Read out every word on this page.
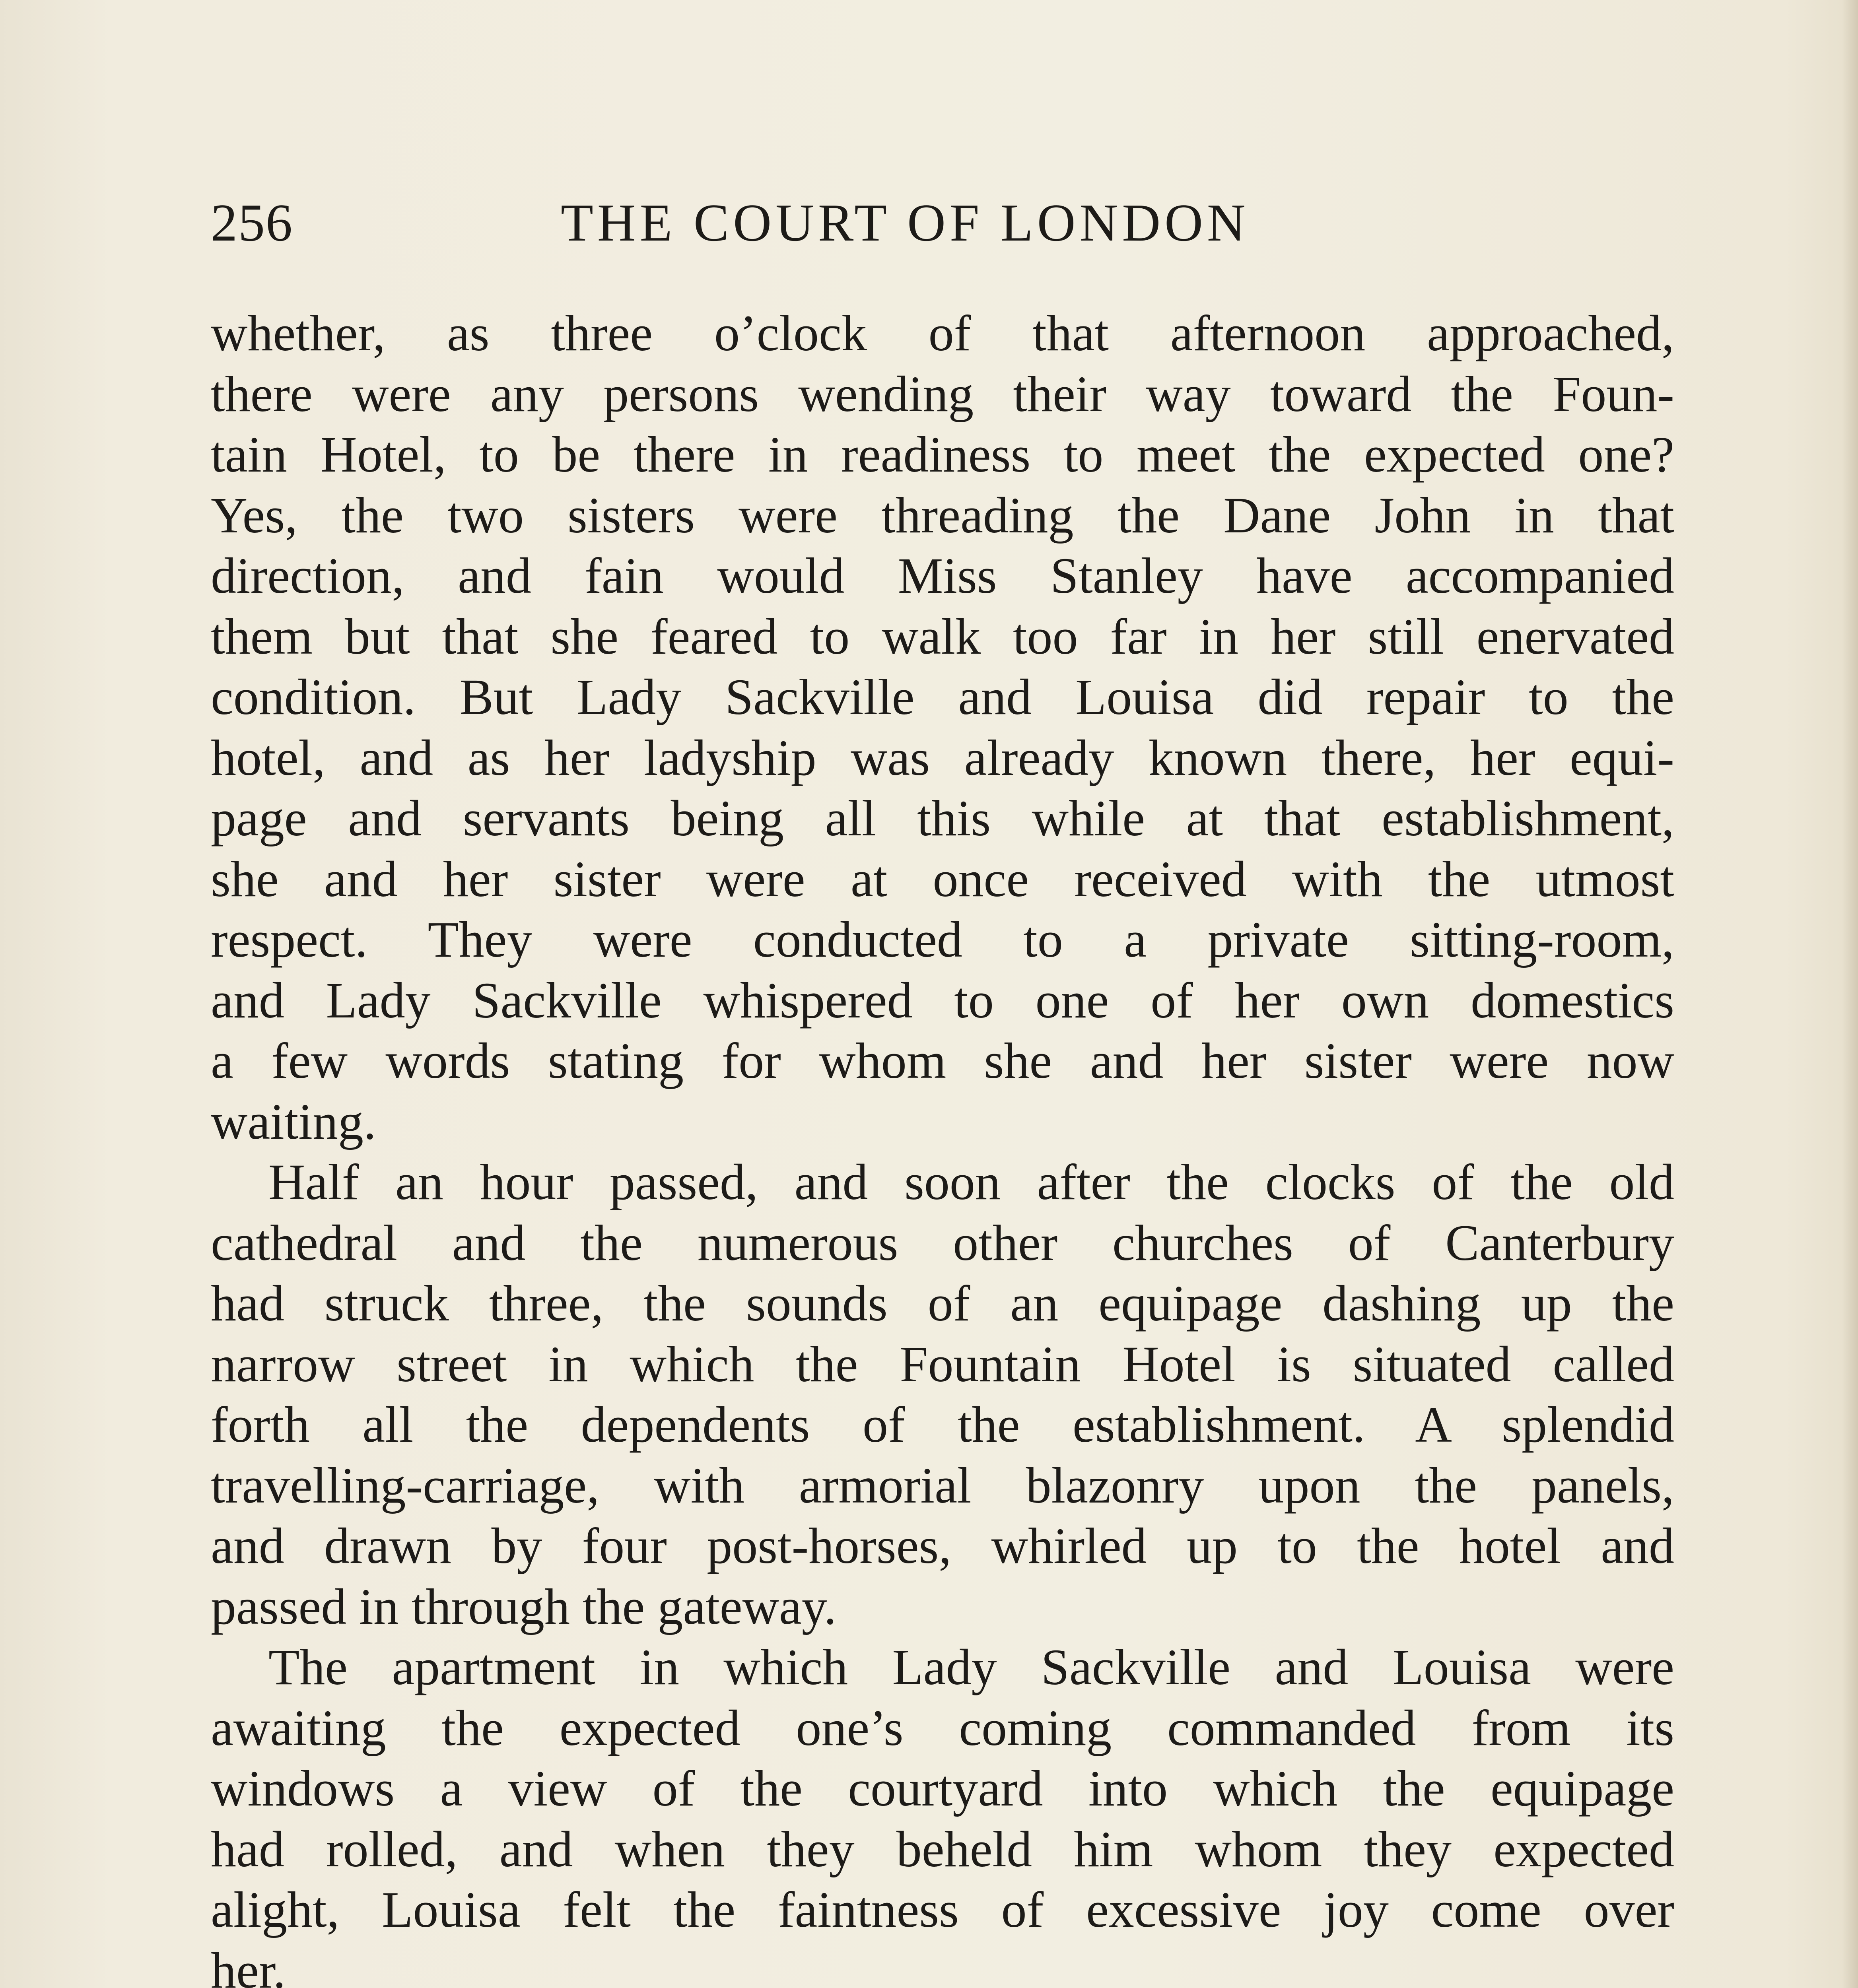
256	THE COURT OF LONDON
whether, as three o’clock of that afternoon approached,
there were any persons wending their way toward the Foun-
tain Hotel, to be there in readiness to meet the expected one?
Yes, the two sisters were threading the Dane John in that
direction, and fain would Miss Stanley have accompanied
them but that she feared to walk too far in her still enervated
condition. But Lady Sackville and Louisa did repair to the
hotel, and as her ladyship was already known there, her equi-
page and servants being all this while at that establishment,
she and her sister were at once received with the utmost
respect. They were conducted to a private sitting-room,
and Lady Sackville whispered to one of her own domestics
a few words stating for whom she and her sister were now
waiting.
Half an hour passed, and soon after the clocks of the old
cathedral and the numerous other churches of Canterbury
had struck three, the sounds of an equipage dashing up the
narrow street in which the Fountain Hotel is situated called
forth all the dependents of the establishment. A splendid
travelling-carriage, with armorial blazonry upon the panels,
and drawn by four post-horses, whirled up to the hotel and
passed in through the gateway.
The apartment in which Lady Sackville and Louisa were
awaiting the expected one’s coming commanded from its
windows a view of the courtyard into which the equipage
had rolled, and when they beheld him whom they expected
alight, Louisa felt the faintness of excessive joy come over
her.
